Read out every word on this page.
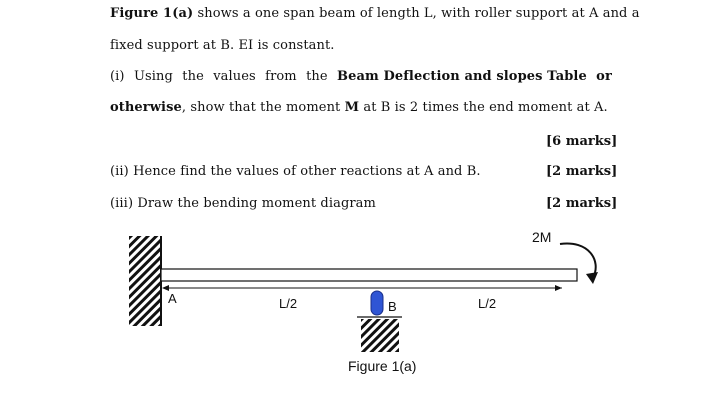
Figure 1(a) shows a one span beam of length L, with roller support at A and a
fixed support at B. EI is constant.
(i) Using the values from the Beam Deflection and slopes Table or
otherwise, show that the moment M at B is 2 times the end moment at A.
[6 marks]
(ii) Hence find the values of other reactions at A and B.	[2 marks]
(iii) Draw the bending moment diagram	[2 marks]
2M
A	L/2	B	L/2
Figure 1(a)
